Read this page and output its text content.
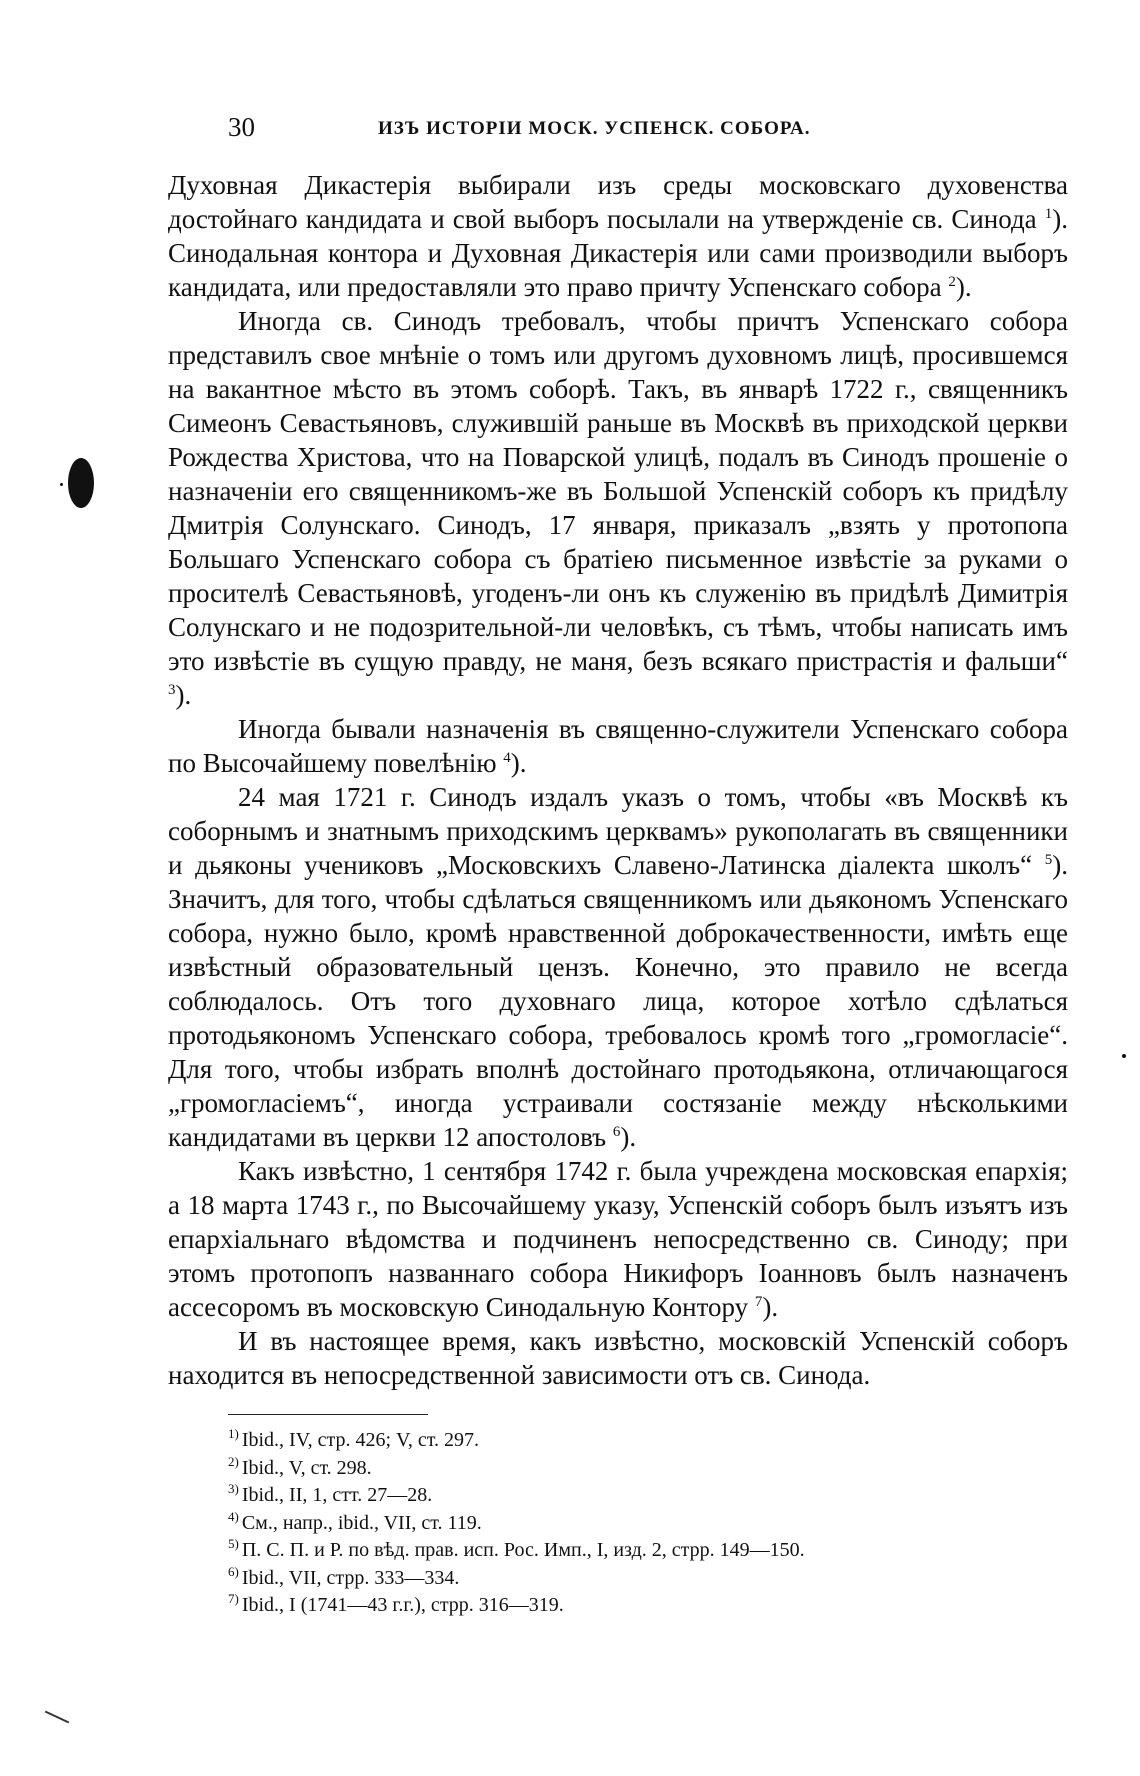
30	ИЗЪ ИСТОРІИ МОСК. УСПЕНСК. СОБОРА.

Духовная Дикастерія выбирали изъ среды московскаго духовенства достойнаго кандидата и свой выборъ посылали на утвержденіе св. Синода $^1$). Синодальная контора и Духовная Дикастерія или сами производили выборъ кандидата, или предоставляли это право причту Успенскаго собора $^2$).

Иногда св. Синодъ требовалъ, чтобы причтъ Успенскаго собора представилъ свое мнѣніе о томъ или другомъ духовномъ лицѣ, просившемся на вакантное мѣсто въ этомъ соборѣ. Такъ, въ январѣ 1722 г., священникъ Симеонъ Севастьяновъ, служившій раньше въ Москвѣ въ приходской церкви Рождества Христова, что на Поварской улицѣ, подалъ въ Синодъ прошеніе о назначеніи его священникомъ-же въ Большой Успенскій соборъ къ придѣлу Дмитрія Солунскаго. Синодъ, 17 января, приказалъ „взять у протопопа Большаго Успенскаго собора съ братіею письменное извѣстіе за руками о просителѣ Севастьяновѣ, угоденъ-ли онъ къ служенію въ придѣлѣ Димитрія Солунскаго и не подозрительной-ли человѣкъ, съ тѣмъ, чтобы написать имъ это извѣстіе въ сущую правду, не маня, безъ всякаго пристрастія и фальши“ $^3$).

Иногда бывали назначенія въ священно-служители Успенскаго собора по Высочайшему повелѣнію $^4$).

24 мая 1721 г. Синодъ издалъ указъ о томъ, чтобы «въ Москвѣ къ соборнымъ и знатнымъ приходскимъ церквамъ» рукополагать въ священники и дьяконы учениковъ „Московскихъ Славено-Латинска діалекта школъ“ $^5$). Значитъ, для того, чтобы сдѣлаться священникомъ или дьякономъ Успенскаго собора, нужно было, кромѣ нравственной доброкачественности, имѣть еще извѣстный образовательный цензъ. Конечно, это правило не всегда соблюдалось. Отъ того духовнаго лица, которое хотѣло сдѣлаться протодьякономъ Успенскаго собора, требовалось кромѣ того „громогласіе“. Для того, чтобы избрать вполнѣ достойнаго протодьякона, отличающагося „громогласіемъ“, иногда устраивали состязаніе между нѣсколькими кандидатами въ церкви 12 апостоловъ $^6$).

Какъ извѣстно, 1 сентября 1742 г. была учреждена московская епархія; а 18 марта 1743 г., по Высочайшему указу, Успенскій соборъ былъ изъятъ изъ епархіальнаго вѣдомства и подчиненъ непосредственно св. Синоду; при этомъ протопопъ названнаго собора Никифоръ Іоанновъ былъ назначенъ ассесоромъ въ московскую Синодальную Контору $^7$).

И въ настоящее время, какъ извѣстно, московскій Успенскій соборъ находится въ непосредственной зависимости отъ св. Синода.

$^{1)}$ Ibid., IV, стр. 426; V, ст. 297.
$^{2)}$ Ibid., V, ст. 298.
$^{3)}$ Ibid., II, 1, стт. 27—28.
$^{4)}$ См., напр., ibid., VII, ст. 119.
$^{5)}$ П. С. П. и Р. по вѣд. прав. исп. Рос. Имп., I, изд. 2, стрр. 149—150.
$^{6)}$ Ibid., VII, стрр. 333—334.
$^{7)}$ Ibid., I (1741—43 г.г.), стрр. 316—319.
